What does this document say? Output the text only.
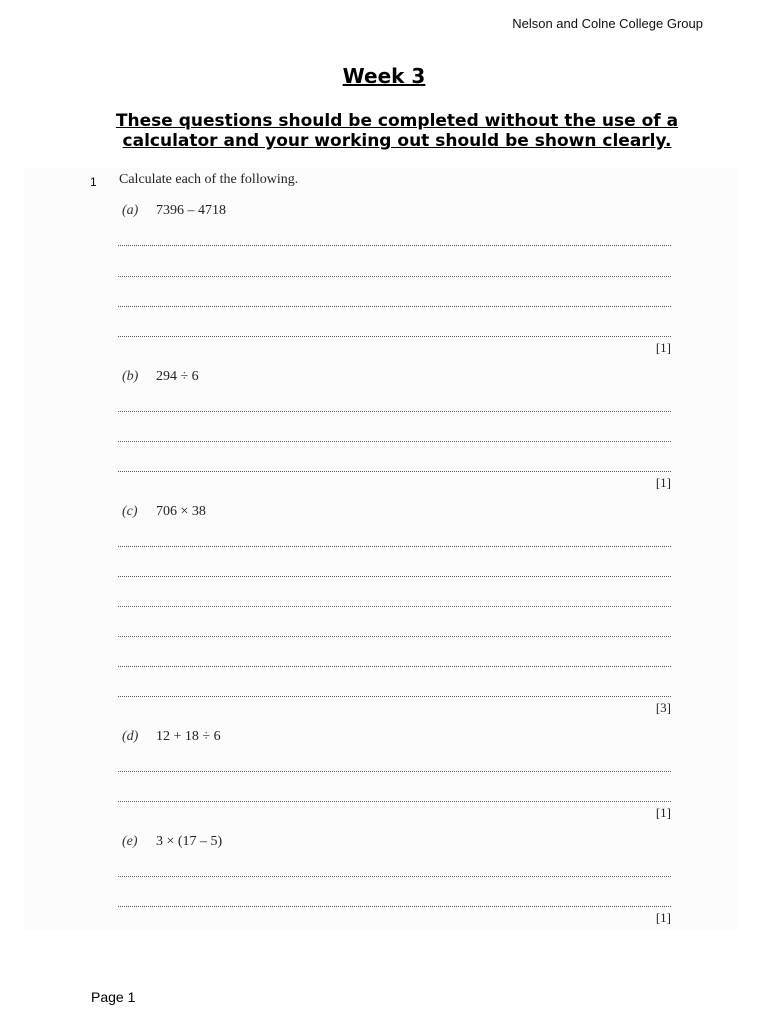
Nelson and Colne College Group
Week 3
These questions should be completed without the use of a calculator and your working out should be shown clearly.
1 Calculate each of the following.
(a) 7396 – 4718
[1]
(b) 294 ÷ 6
[1]
(c) 706 × 38
[3]
(d) 12 + 18 ÷ 6
[1]
(e) 3 × (17 – 5)
[1]
Page 1
